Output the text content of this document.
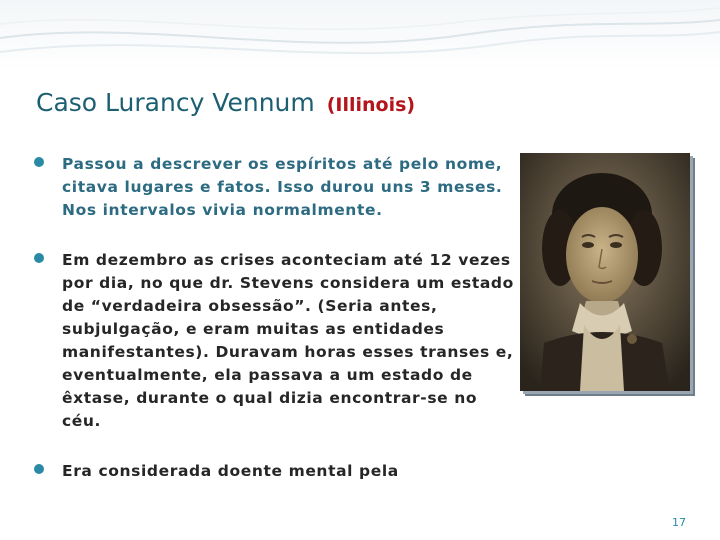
Caso Lurancy Vennum (Illinois)
Passou a descrever os espíritos até pelo nome, citava lugares e fatos. Isso durou uns 3 meses. Nos intervalos vivia normalmente.
Em dezembro as crises aconteciam até 12 vezes por dia, no que dr. Stevens considera um estado de “verdadeira obsessão”. (Seria antes, subjulgação, e eram muitas as entidades manifestantes). Duravam horas esses transes e, eventualmente, ela passava a um estado de êxtase, durante o qual dizia encontrar-se no céu.
Era considerada doente mental pela
17
